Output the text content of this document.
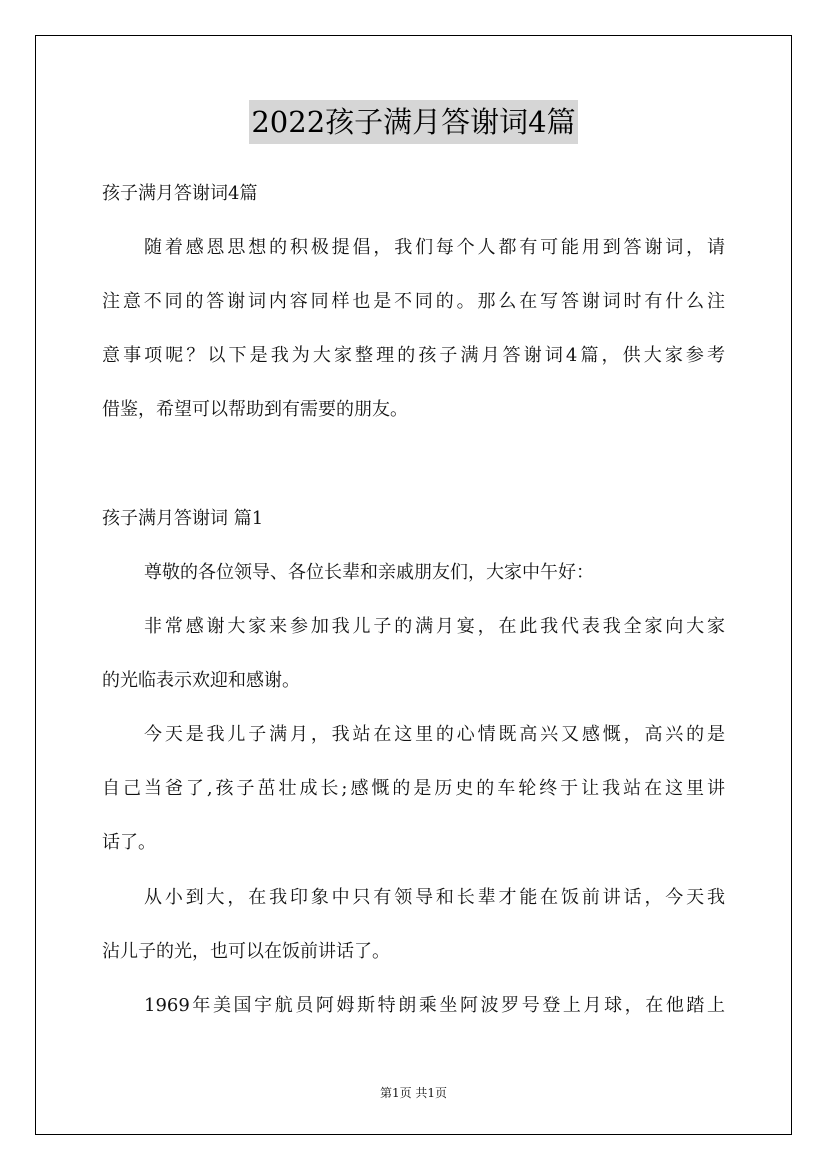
2022孩子满月答谢词4篇
孩子满月答谢词4篇
随着感恩思想的积极提倡，我们每个人都有可能用到答谢词，请
注意不同的答谢词内容同样也是不同的。那么在写答谢词时有什么注
意事项呢？以下是我为大家整理的孩子满月答谢词4篇，供大家参考
借鉴，希望可以帮助到有需要的朋友。
孩子满月答谢词 篇1
尊敬的各位领导、各位长辈和亲戚朋友们，大家中午好：
非常感谢大家来参加我儿子的满月宴，在此我代表我全家向大家
的光临表示欢迎和感谢。
今天是我儿子满月，我站在这里的心情既高兴又感慨，高兴的是
自己当爸了,孩子茁壮成长;感慨的是历史的车轮终于让我站在这里讲
话了。
从小到大，在我印象中只有领导和长辈才能在饭前讲话，今天我
沾儿子的光，也可以在饭前讲话了。
1969年美国宇航员阿姆斯特朗乘坐阿波罗号登上月球，在他踏上
第1页 共1页
